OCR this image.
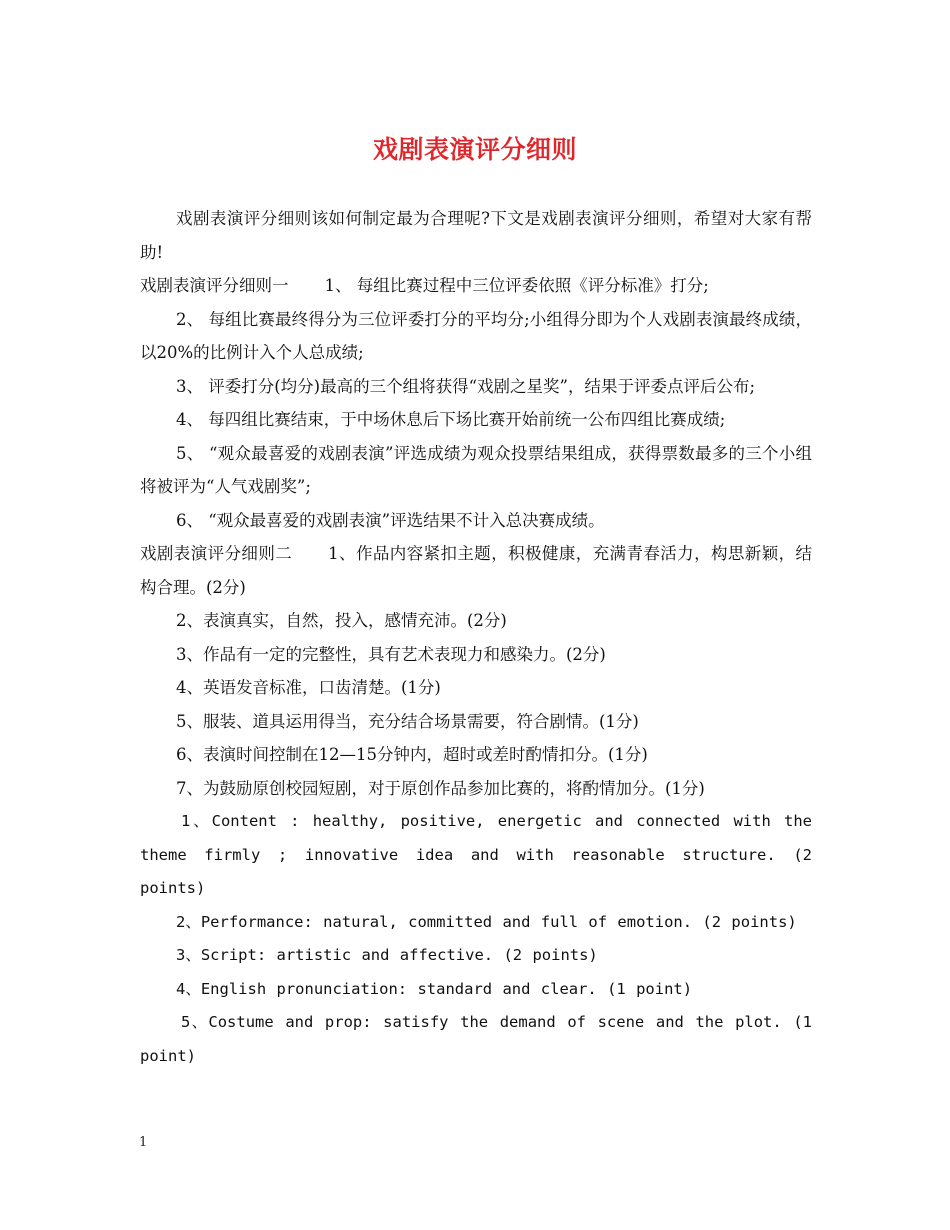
戏剧表演评分细则

戏剧表演评分细则该如何制定最为合理呢?下文是戏剧表演评分细则，希望对大家有帮助!

戏剧表演评分细则一 1、 每组比赛过程中三位评委依照《评分标准》打分;

2、 每组比赛最终得分为三位评委打分的平均分;小组得分即为个人戏剧表演最终成绩，以20%的比例计入个人总成绩;

3、 评委打分(均分)最高的三个组将获得“戏剧之星奖”，结果于评委点评后公布;

4、 每四组比赛结束，于中场休息后下场比赛开始前统一公布四组比赛成绩;

5、 “观众最喜爱的戏剧表演”评选成绩为观众投票结果组成，获得票数最多的三个小组将被评为“人气戏剧奖”;

6、 “观众最喜爱的戏剧表演”评选结果不计入总决赛成绩。

戏剧表演评分细则二 1、作品内容紧扣主题，积极健康，充满青春活力，构思新颖，结构合理。(2分)

2、表演真实，自然，投入，感情充沛。(2分)

3、作品有一定的完整性，具有艺术表现力和感染力。(2分)

4、英语发音标准，口齿清楚。(1分)

5、服装、道具运用得当，充分结合场景需要，符合剧情。(1分)

6、表演时间控制在12—15分钟内，超时或差时酌情扣分。(1分)

7、为鼓励原创校园短剧，对于原创作品参加比赛的，将酌情加分。(1分)

1、Content : healthy, positive, energetic and connected with the theme firmly ; innovative idea and with reasonable structure. (2 points)

2、Performance: natural, committed and full of emotion. (2 points)

3、Script: artistic and affective. (2 points)

4、English pronunciation: standard and clear. (1 point)

5、Costume and prop: satisfy the demand of scene and the plot. (1 point)

1
